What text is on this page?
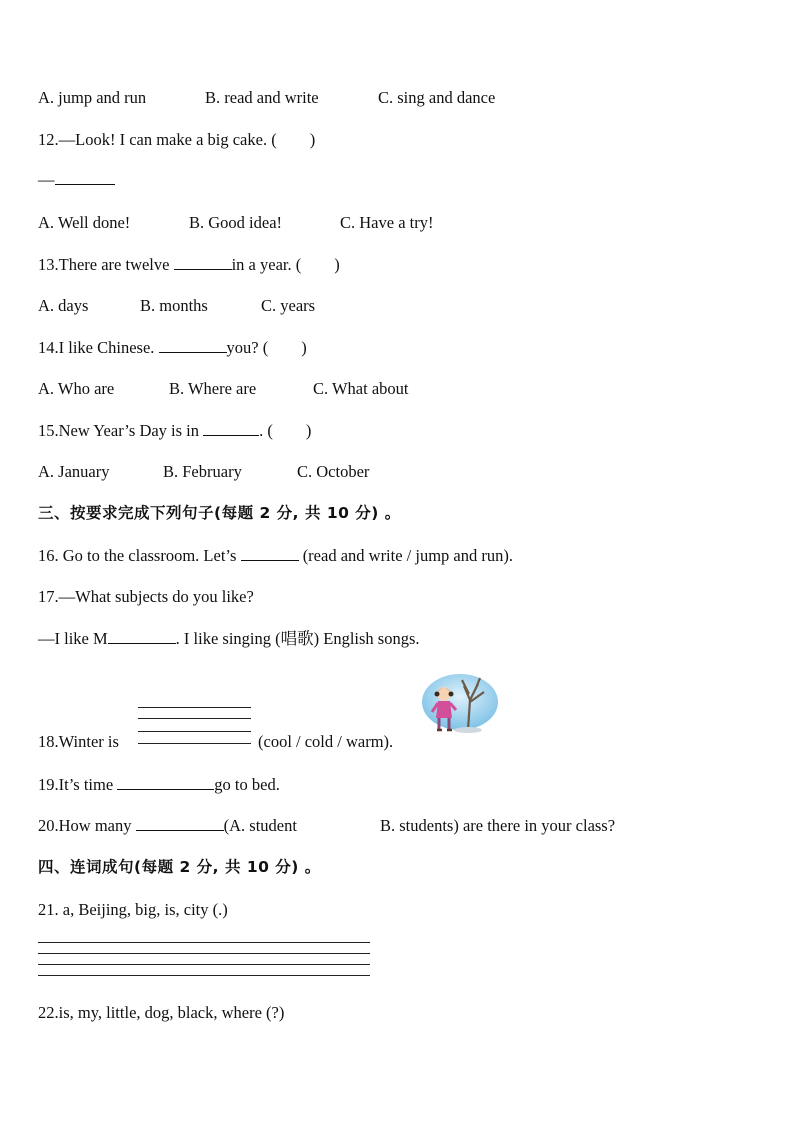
A. jump and run	B. read and write	C. sing and dance
12.—Look! I can make a big cake. (  )
—
A. Well done!	B. Good idea!	C. Have a try!
13.There are twelve	in a year. (  )
A. days	B. months	C. years
14.I like Chinese.	you? (  )
A. Who are	B. Where are	C. What about
15.New Year’s Day is in	. (  )
A. January	B. February	C. October
三、按要求完成下列句子(每题 2 分, 共 10 分) 。
16. Go to the classroom. Let’s	(read and write / jump and run).
17.—What subjects do you like?
—I like M	. I like singing (唱歌) English songs.
18.Winter is	(cool / cold / warm).
19.It’s time	go to bed.
20.How many	(A. student	B. students) are there in your class?
四、连词成句(每题 2 分, 共 10 分) 。
21. a, Beijing, big, is, city (.)
22.is, my, little, dog, black, where (?)
